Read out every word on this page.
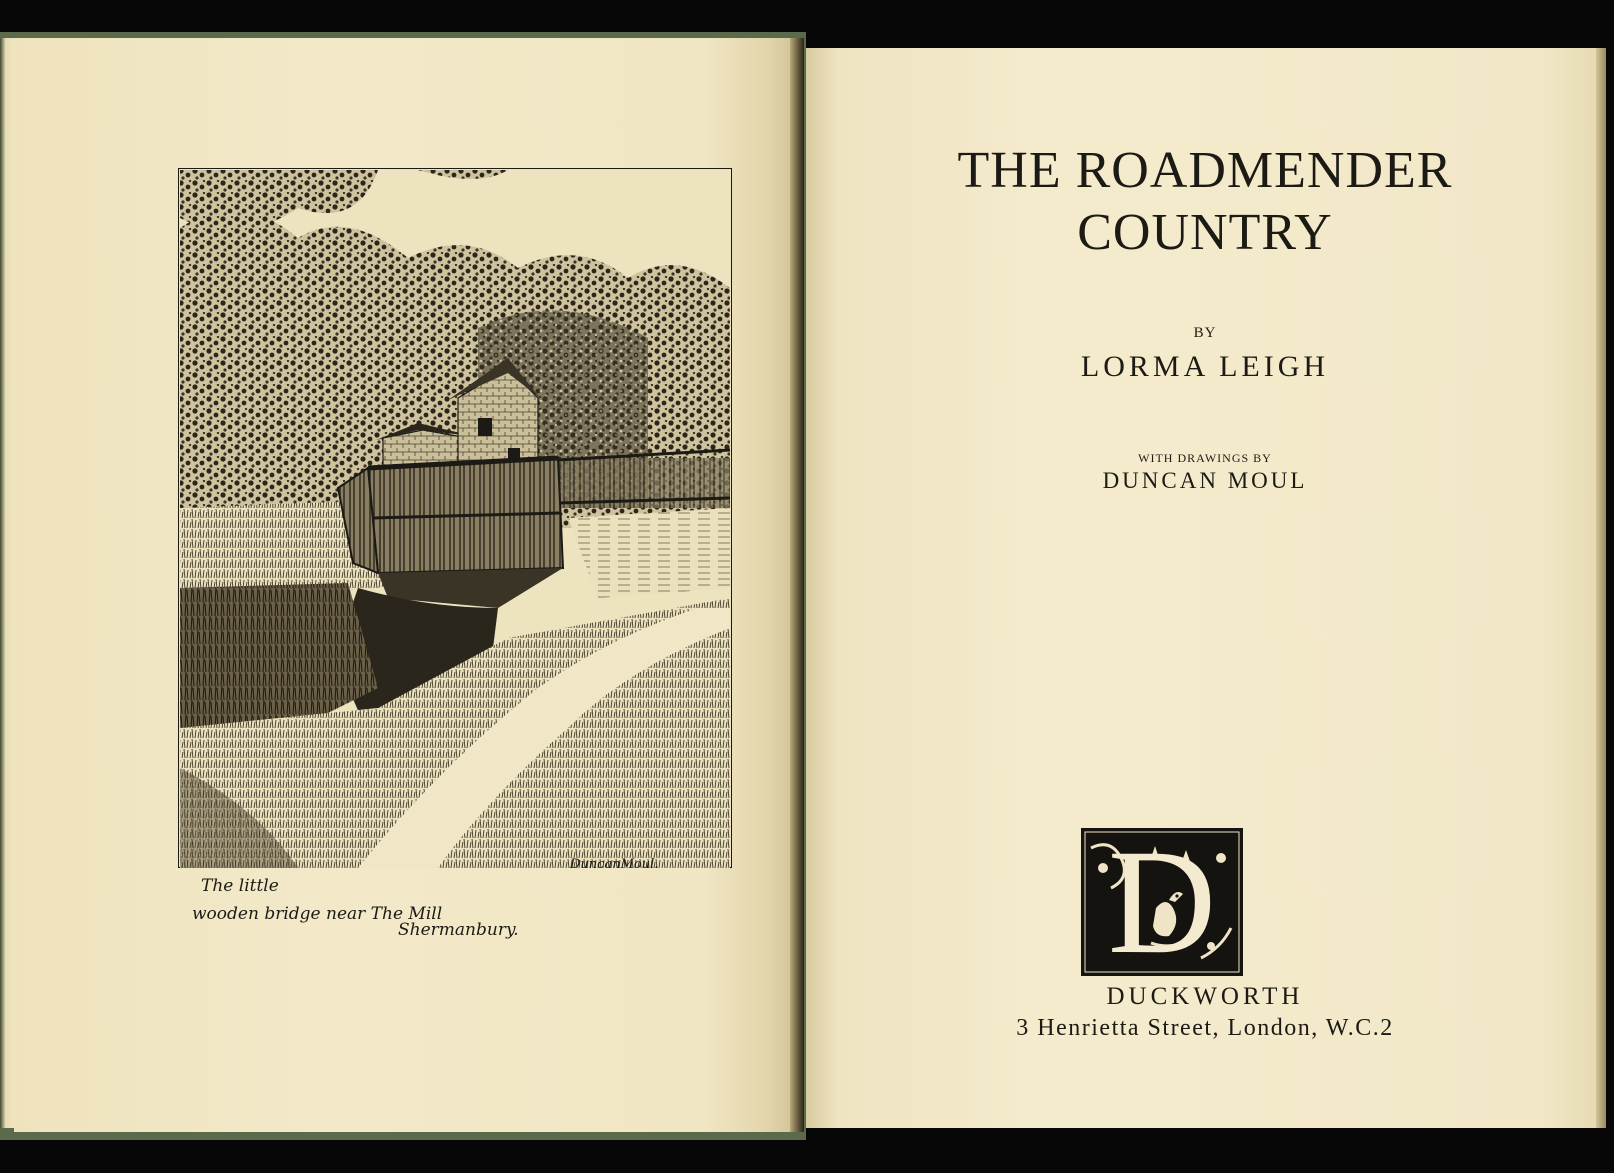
The little
wooden bridge near The Mill
Shermanbury.
DuncanMoul.

THE ROADMENDER

COUNTRY

BY
LORMA LEIGH
WITH DRAWINGS BY
DUNCAN MOUL
D
DUCKWORTH
3 Henrietta Street, London, W.C.2
